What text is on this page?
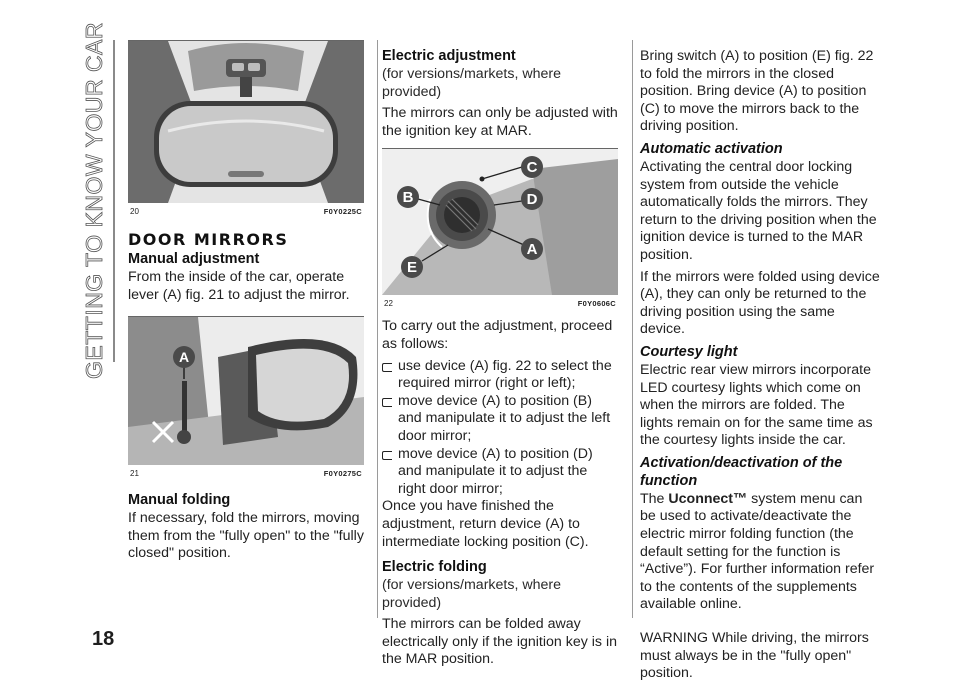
GETTING TO KNOW YOUR CAR
18
20	F0Y0225C
DOOR MIRRORS
Manual adjustment

From the inside of the car, operate lever (A) fig. 21 to adjust the mirror.

A
21	F0Y0275C
Manual folding

If necessary, fold the mirrors, moving them from the "fully open" to the "fully closed" position.

Electric adjustment

(for versions/markets, where provided)

The mirrors can only be adjusted with the ignition key at MAR.

B
C
D
A
E
22	F0Y0606C

To carry out the adjustment, proceed as follows:

use device (A) fig. 22 to select the required mirror (right or left);

move device (A) to position (B) and manipulate it to adjust the left door mirror;

move device (A) to position (D) and manipulate it to adjust the right door mirror;

Once you have finished the adjustment, return device (A) to intermediate locking position (C).

Electric folding

(for versions/markets, where provided)

The mirrors can be folded away electrically only if the ignition key is in the MAR position.

Bring switch (A) to position (E) fig. 22 to fold the mirrors in the closed position. Bring device (A) to position (C) to move the mirrors back to the driving position.

Automatic activation

Activating the central door locking system from outside the vehicle automatically folds the mirrors. They return to the driving position when the ignition device is turned to the MAR position.

If the mirrors were folded using device (A), they can only be returned to the driving position using the same device.

Courtesy light

Electric rear view mirrors incorporate LED courtesy lights which come on when the mirrors are folded. The lights remain on for the same time as the courtesy lights inside the car.

Activation/deactivation of the function

The Uconnect™ system menu can be used to activate/deactivate the electric mirror folding function (the default setting for the function is “Active”). For further information refer to the contents of the supplements available online.

WARNING While driving, the mirrors must always be in the "fully open" position.
